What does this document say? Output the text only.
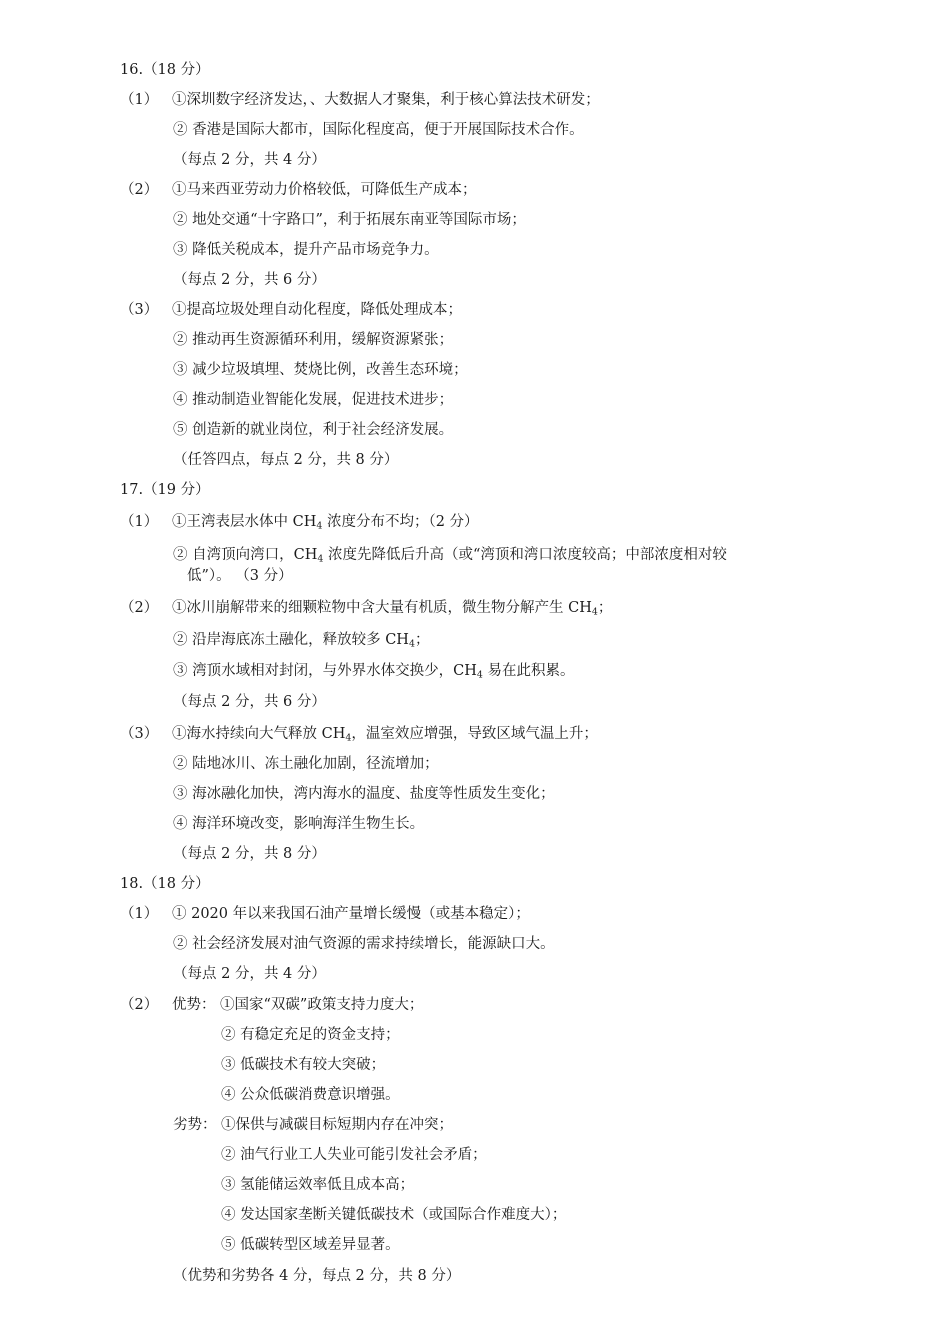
16.（18 分）
（1） ①深圳数字经济发达，、大数据人才聚集，利于核心算法技术研发；
② 香港是国际大都市，国际化程度高，便于开展国际技术合作。
（每点 2 分，共 4 分）
（2） ①马来西亚劳动力价格较低，可降低生产成本；
② 地处交通“十字路口”，利于拓展东南亚等国际市场；
③ 降低关税成本，提升产品市场竞争力。
（每点 2 分，共 6 分）
（3） ①提高垃圾处理自动化程度，降低处理成本；
② 推动再生资源循环利用，缓解资源紧张；
③ 减少垃圾填埋、焚烧比例，改善生态环境；
④ 推动制造业智能化发展，促进技术进步；
⑤ 创造新的就业岗位，利于社会经济发展。
（任答四点，每点 2 分，共 8 分）
17.（19 分）
（1） ①王湾表层水体中 $CH_4$ 浓度分布不均；（2 分）
② 自湾顶向湾口，$CH_4$ 浓度先降低后升高（或“湾顶和湾口浓度较高；中部浓度相对较
低”）。 （3 分）
（2） ①冰川崩解带来的细颗粒物中含大量有机质，微生物分解产生 $CH_4$；
② 沿岸海底冻土融化，释放较多 $CH_4$；
③ 湾顶水域相对封闭，与外界水体交换少，$CH_4$ 易在此积累。
（每点 2 分，共 6 分）
（3） ①海水持续向大气释放 $CH_4$，温室效应增强，导致区域气温上升；
② 陆地冰川、冻土融化加剧，径流增加；
③ 海冰融化加快，湾内海水的温度、盐度等性质发生变化；
④ 海洋环境改变，影响海洋生物生长。
（每点 2 分，共 8 分）
18.（18 分）
（1） ① 2020 年以来我国石油产量增长缓慢（或基本稳定）；
② 社会经济发展对油气资源的需求持续增长，能源缺口大。
（每点 2 分，共 4 分）
（2） 优势： ①国家“双碳”政策支持力度大；
② 有稳定充足的资金支持；
③ 低碳技术有较大突破；
④ 公众低碳消费意识增强。
劣势： ①保供与减碳目标短期内存在冲突；
② 油气行业工人失业可能引发社会矛盾；
③ 氢能储运效率低且成本高；
④ 发达国家垄断关键低碳技术（或国际合作难度大）；
⑤ 低碳转型区域差异显著。
（优势和劣势各 4 分，每点 2 分，共 8 分）
